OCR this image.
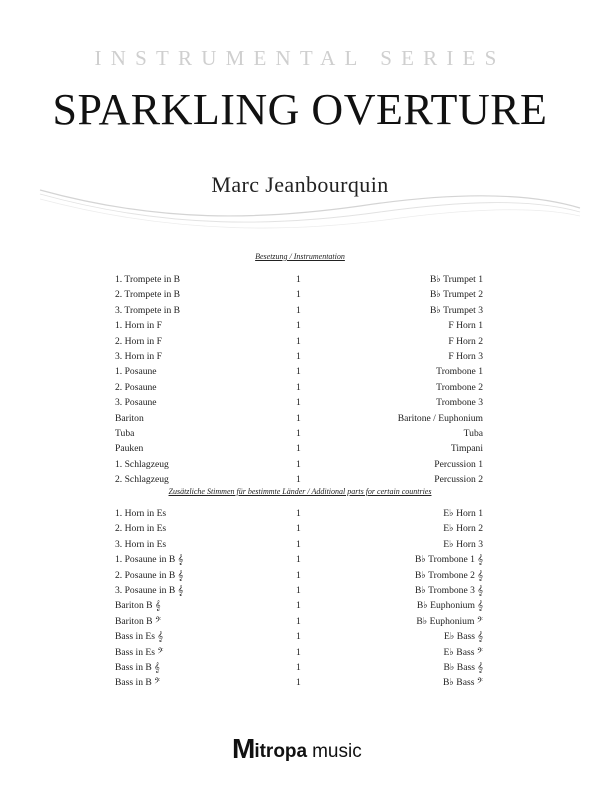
INSTRUMENTAL SERIES
SPARKLING OVERTURE
Marc Jeanbourquin
Besetzung / Instrumentation
1. Trompete in B	1	B♭ Trumpet 1
2. Trompete in B	1	B♭ Trumpet 2
3. Trompete in B	1	B♭ Trumpet 3
1. Horn in F	1	F Horn 1
2. Horn in F	1	F Horn 2
3. Horn in F	1	F Horn 3
1. Posaune	1	Trombone 1
2. Posaune	1	Trombone 2
3. Posaune	1	Trombone 3
Bariton	1	Baritone / Euphonium
Tuba	1	Tuba
Pauken	1	Timpani
1. Schlagzeug	1	Percussion 1
2. Schlagzeug	1	Percussion 2
Zusätzliche Stimmen für bestimmte Länder / Additional parts for certain countries
1. Horn in Es	1	E♭ Horn 1
2. Horn in Es	1	E♭ Horn 2
3. Horn in Es	1	E♭ Horn 3
1. Posaune in B 𝄞	1	B♭ Trombone 1 𝄞
2. Posaune in B 𝄞	1	B♭ Trombone 2 𝄞
3. Posaune in B 𝄞	1	B♭ Trombone 3 𝄞
Bariton B 𝄞	1	B♭ Euphonium 𝄞
Bariton B 𝄢	1	B♭ Euphonium 𝄢
Bass in Es 𝄞	1	E♭ Bass 𝄞
Bass in Es 𝄢	1	E♭ Bass 𝄢
Bass in B 𝄞	1	B♭ Bass 𝄞
Bass in B 𝄢	1	B♭ Bass 𝄢
M itropa music
